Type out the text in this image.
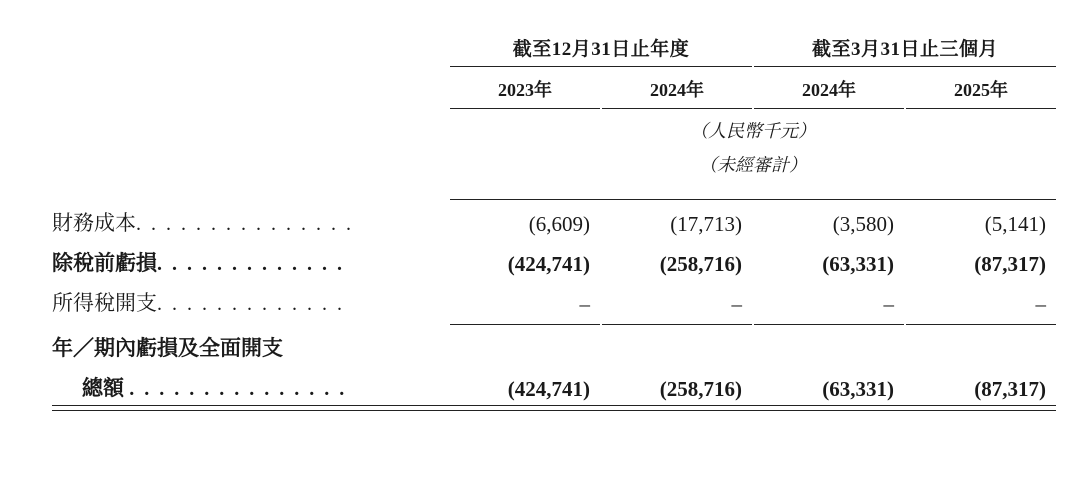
	截至12月31日止年度				截至3月31日止三個月		

	2023年		2024年		2024年		2025年
	（人民幣千元）						
	（未經審計）						

財務成本. . . . . . . . . . . . . . .	(6,609)		(17,713)		(3,580)		(5,141)
除稅前虧損. . . . . . . . . . . . .	(424,741)		(258,716)		(63,331)		(87,317)
所得稅開支. . . . . . . . . . . . .	–		–		–		–

年／期內虧損及全面開支							
總額 . . . . . . . . . . . . . . .	(424,741)		(258,716)		(63,331)		(87,317)
